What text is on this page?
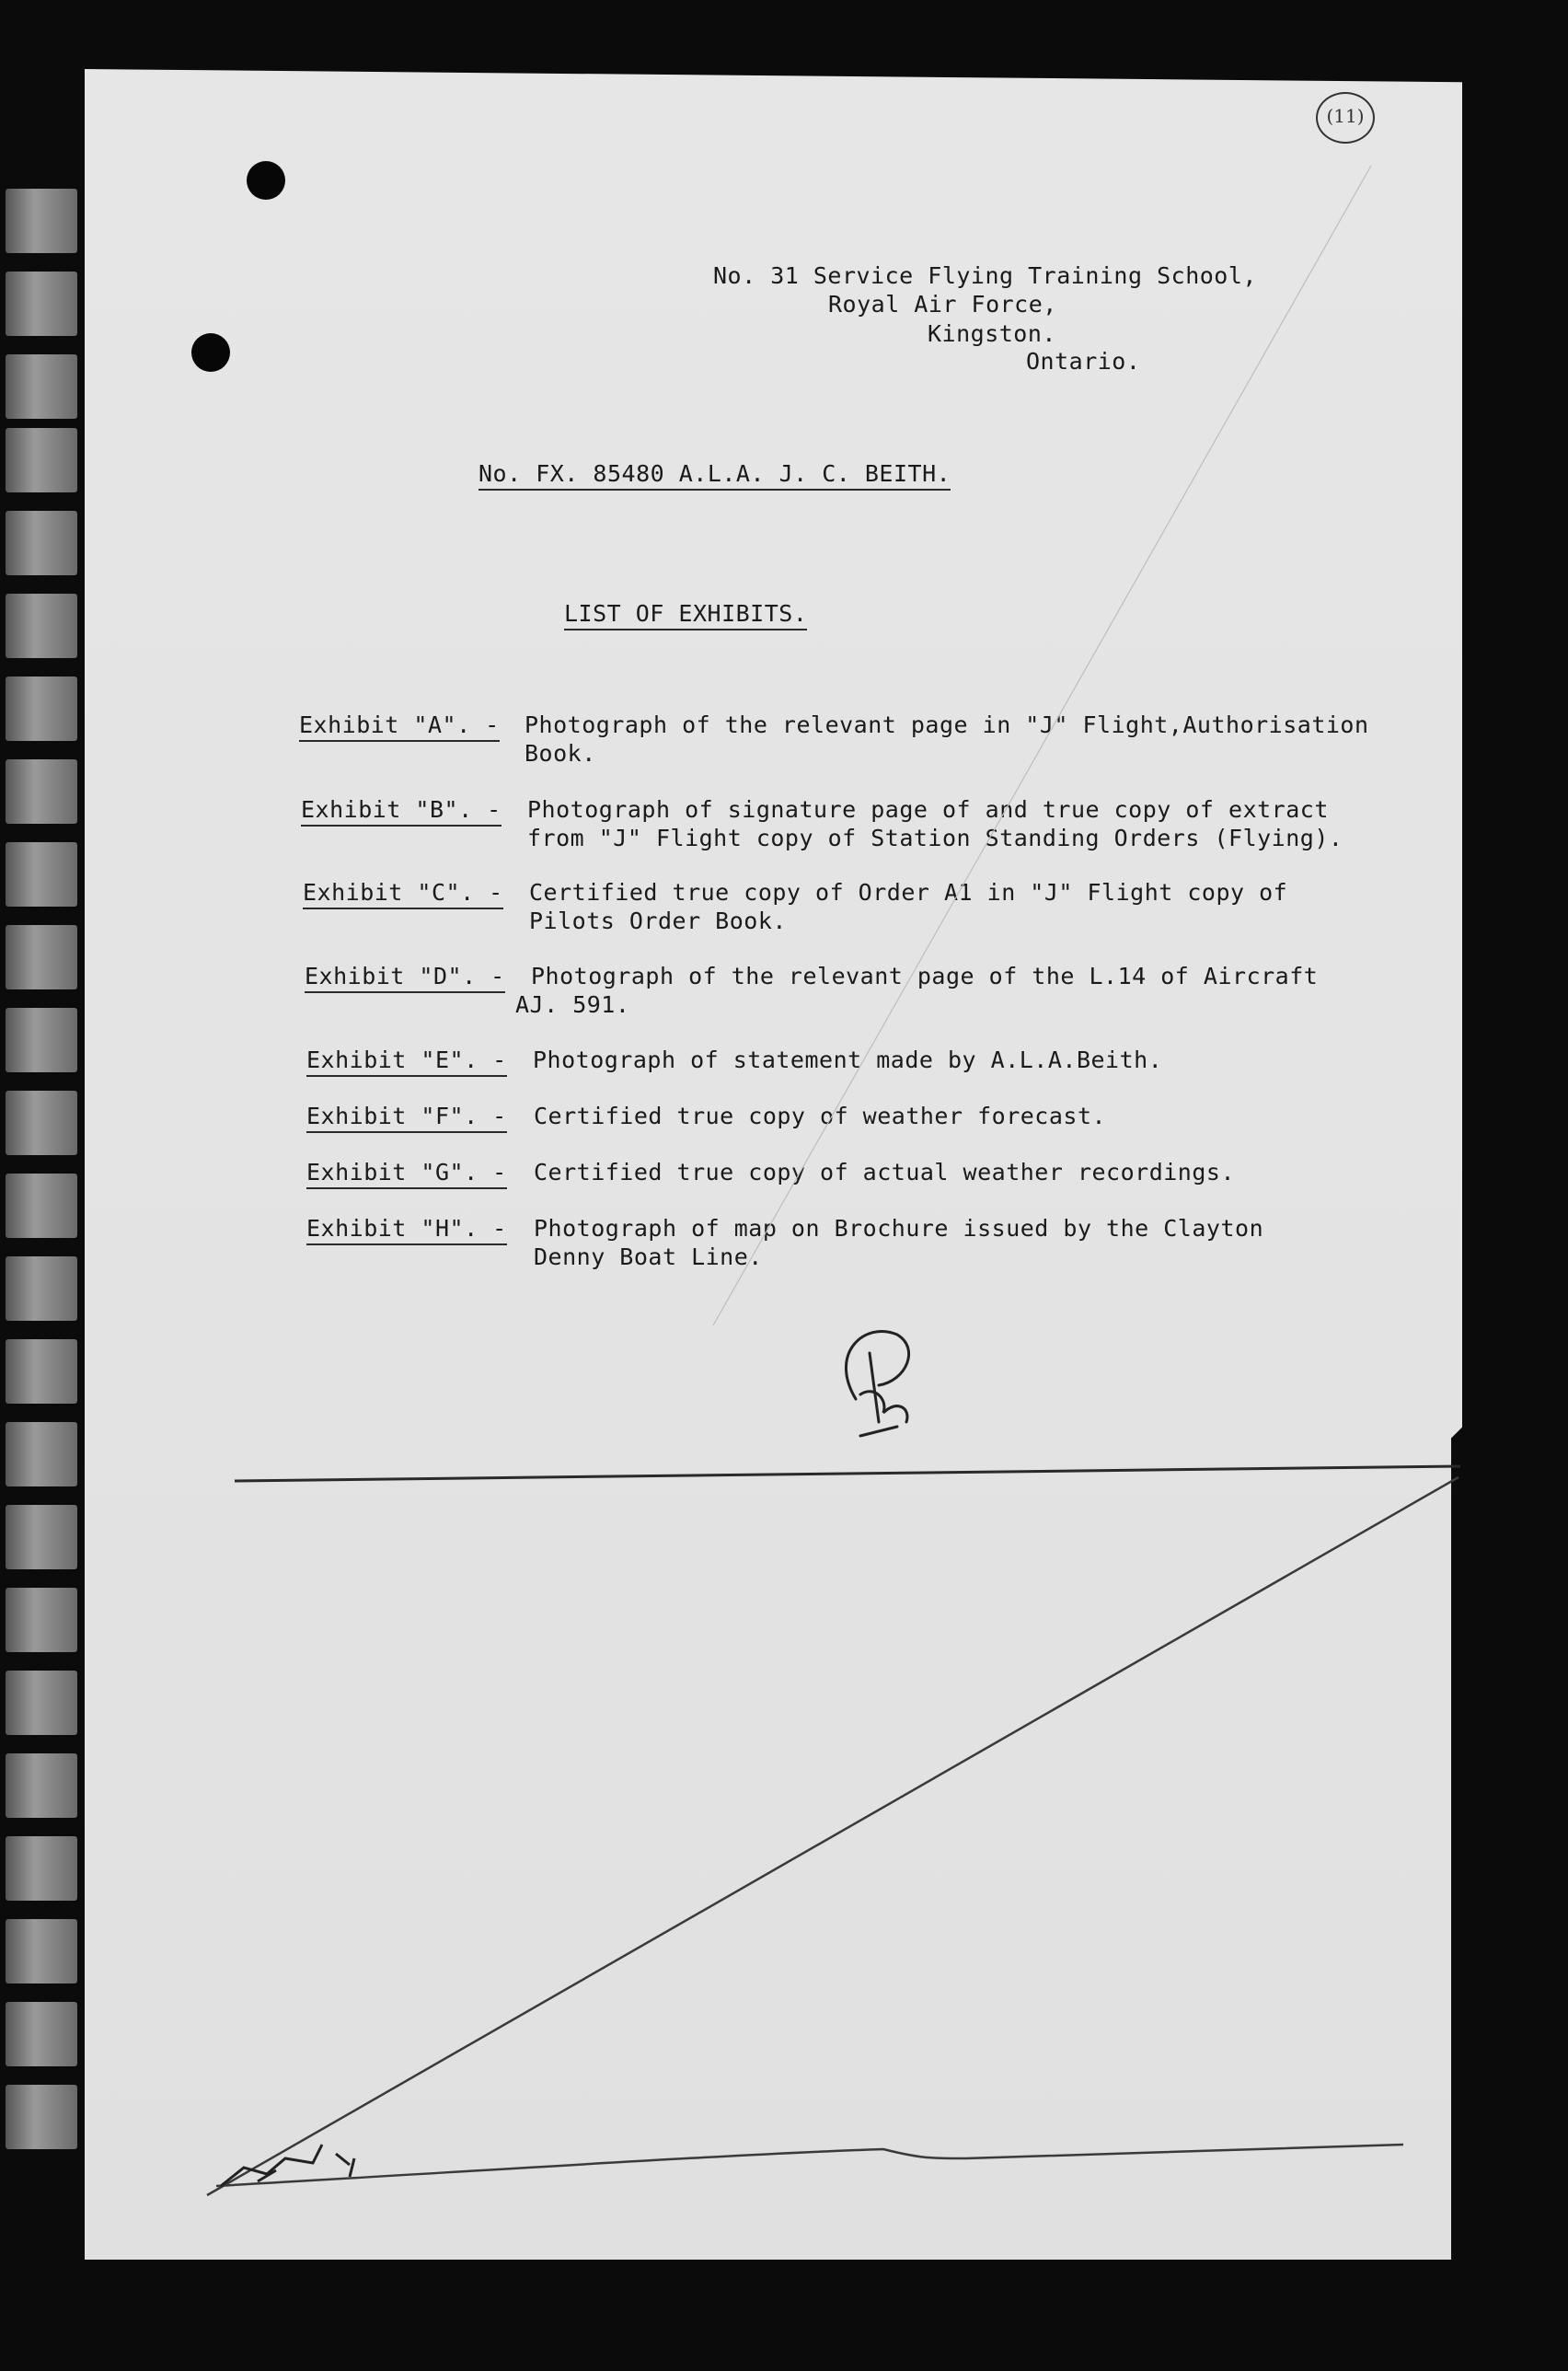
(11)
No. 31 Service Flying Training School,
Royal Air Force,
Kingston.
Ontario.
No. FX. 85480 A.L.A. J. C. BEITH.
LIST OF EXHIBITS.
Exhibit "A". - Photograph of the relevant page in "J" Flight,Authorisation
Book.
Exhibit "B". - Photograph of signature page of and true copy of extract
from "J" Flight copy of Station Standing Orders (Flying).
Exhibit "C". - Certified true copy of Order A1 in "J" Flight copy of
Pilots Order Book.
Exhibit "D". - Photograph of the relevant page of the L.14 of Aircraft
AJ. 591.
Exhibit "E". - Photograph of statement made by A.L.A.Beith.
Exhibit "F". - Certified true copy of weather forecast.
Exhibit "G". - Certified true copy of actual weather recordings.
Exhibit "H". - Photograph of map on Brochure issued by the Clayton
Denny Boat Line.
